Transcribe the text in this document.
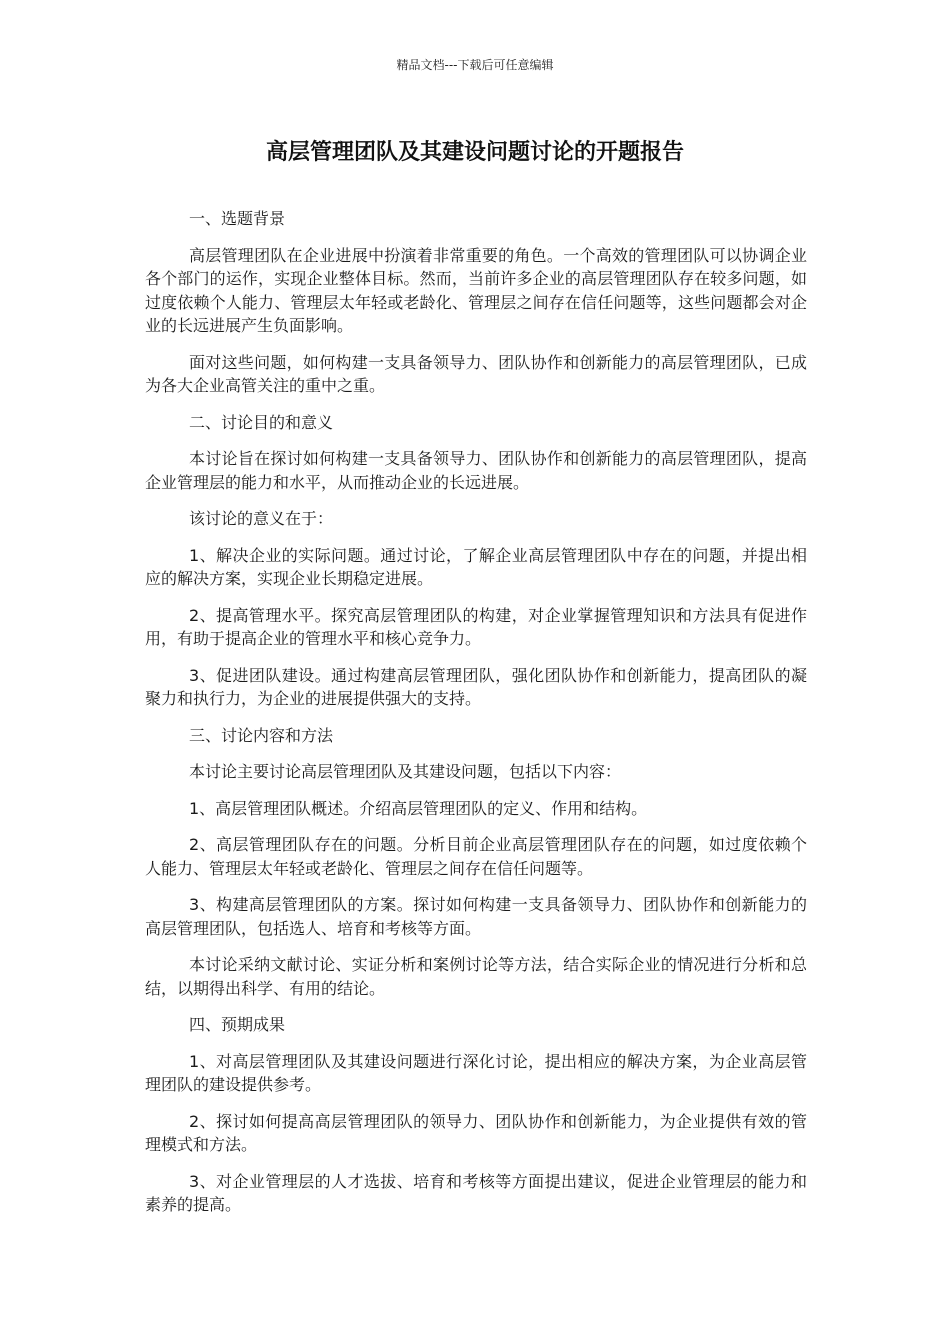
精品文档---下载后可任意编辑
高层管理团队及其建设问题讨论的开题报告

一、选题背景

高层管理团队在企业进展中扮演着非常重要的角色。一个高效的管理团队可以协调企业各个部门的运作，实现企业整体目标。然而，当前许多企业的高层管理团队存在较多问题，如过度依赖个人能力、管理层太年轻或老龄化、管理层之间存在信任问题等，这些问题都会对企业的长远进展产生负面影响。

面对这些问题，如何构建一支具备领导力、团队协作和创新能力的高层管理团队，已成为各大企业高管关注的重中之重。

二、讨论目的和意义

本讨论旨在探讨如何构建一支具备领导力、团队协作和创新能力的高层管理团队，提高企业管理层的能力和水平，从而推动企业的长远进展。

该讨论的意义在于：

1、解决企业的实际问题。通过讨论，了解企业高层管理团队中存在的问题，并提出相应的解决方案，实现企业长期稳定进展。

2、提高管理水平。探究高层管理团队的构建，对企业掌握管理知识和方法具有促进作用，有助于提高企业的管理水平和核心竞争力。

3、促进团队建设。通过构建高层管理团队，强化团队协作和创新能力，提高团队的凝聚力和执行力，为企业的进展提供强大的支持。

三、讨论内容和方法

本讨论主要讨论高层管理团队及其建设问题，包括以下内容：

1、高层管理团队概述。介绍高层管理团队的定义、作用和结构。

2、高层管理团队存在的问题。分析目前企业高层管理团队存在的问题，如过度依赖个人能力、管理层太年轻或老龄化、管理层之间存在信任问题等。

3、构建高层管理团队的方案。探讨如何构建一支具备领导力、团队协作和创新能力的高层管理团队，包括选人、培育和考核等方面。

本讨论采纳文献讨论、实证分析和案例讨论等方法，结合实际企业的情况进行分析和总结，以期得出科学、有用的结论。

四、预期成果

1、对高层管理团队及其建设问题进行深化讨论，提出相应的解决方案，为企业高层管理团队的建设提供参考。

2、探讨如何提高高层管理团队的领导力、团队协作和创新能力，为企业提供有效的管理模式和方法。

3、对企业管理层的人才选拔、培育和考核等方面提出建议，促进企业管理层的能力和素养的提高。
